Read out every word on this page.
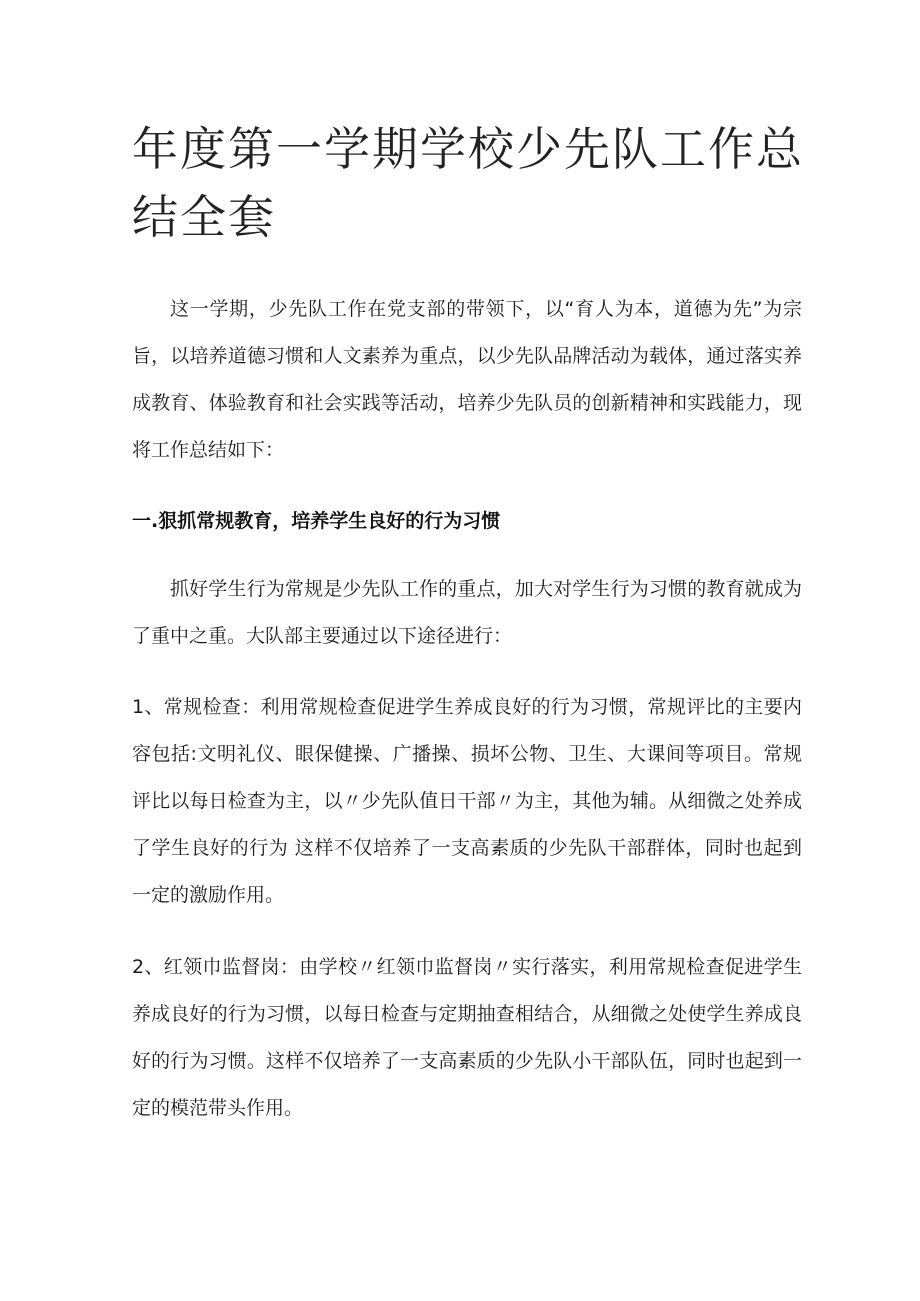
年度第一学期学校少先队工作总结全套

这一学期，少先队工作在党支部的带领下，以“育人为本，道德为先”为宗旨，以培养道德习惯和人文素养为重点，以少先队品牌活动为载体，通过落实养成教育、体验教育和社会实践等活动，培养少先队员的创新精神和实践能力，现将工作总结如下：

一.狠抓常规教育，培养学生良好的行为习惯

抓好学生行为常规是少先队工作的重点，加大对学生行为习惯的教育就成为了重中之重。大队部主要通过以下途径进行：

1、常规检查：利用常规检查促进学生养成良好的行为习惯，常规评比的主要内容包括:文明礼仪、眼保健操、广播操、损坏公物、卫生、大课间等项目。常规评比以每日检查为主，以〃少先队值日干部〃为主，其他为辅。从细微之处养成了学生良好的行为 这样不仅培养了一支高素质的少先队干部群体，同时也起到一定的激励作用。

2、红领巾监督岗：由学校〃红领巾监督岗〃实行落实，利用常规检查促进学生养成良好的行为习惯，以每日检查与定期抽查相结合，从细微之处使学生养成良好的行为习惯。这样不仅培养了一支高素质的少先队小干部队伍，同时也起到一定的模范带头作用。
